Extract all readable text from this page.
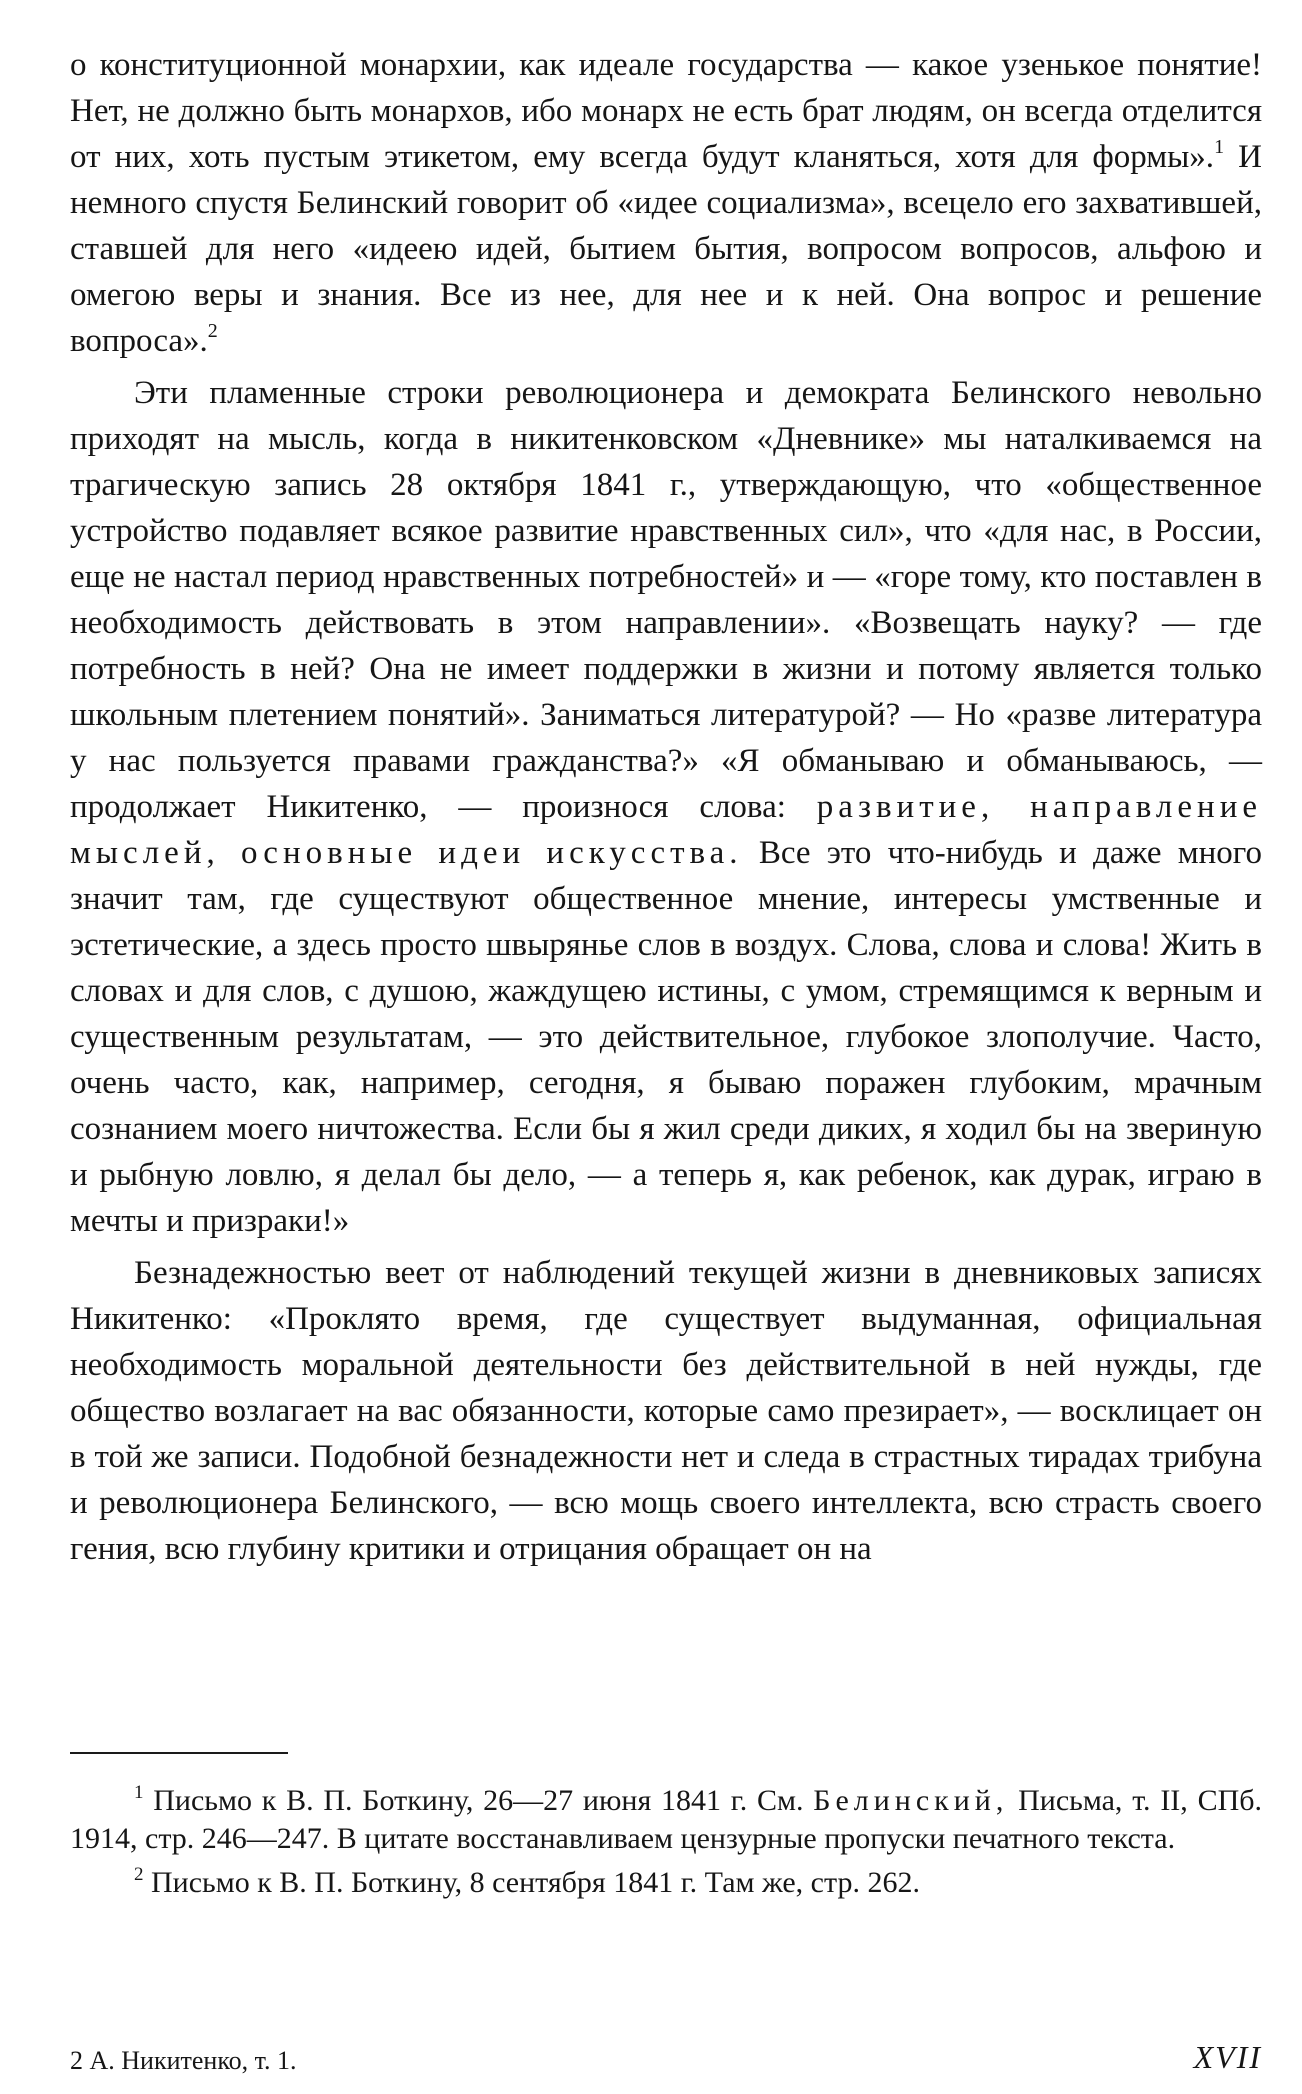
о конституционной монархии, как идеале государства — какое узенькое понятие! Нет, не должно быть монархов, ибо монарх не есть брат людям, он всегда отделится от них, хоть пустым этикетом, ему всегда будут кланяться, хотя для формы».$^1$ И немного спустя Белинский говорит об «идее социализма», всецело его захватившей, ставшей для него «идеею идей, бытием бытия, вопросом вопросов, альфою и омегою веры и знания. Все из нее, для нее и к ней. Она вопрос и решение вопроса».$^2$

Эти пламенные строки революционера и демократа Белинского невольно приходят на мысль, когда в никитенковском «Дневнике» мы наталкиваемся на трагическую запись 28 октября 1841 г., утверждающую, что «общественное устройство подавляет всякое развитие нравственных сил», что «для нас, в России, еще не настал период нравственных потребностей» и — «горе тому, кто поставлен в необходимость действовать в этом направлении». «Возвещать науку? — где потребность в ней? Она не имеет поддержки в жизни и потому является только школьным плетением понятий». Заниматься литературой? — Но «разве литература у нас пользуется правами гражданства?» «Я обманываю и обманываюсь, — продолжает Никитенко, — произнося слова: развитие, направление мыслей, основные идеи искусства. Все это что-нибудь и даже много значит там, где существуют общественное мнение, интересы умственные и эстетические, а здесь просто швырянье слов в воздух. Слова, слова и слова! Жить в словах и для слов, с душою, жаждущею истины, с умом, стремящимся к верным и существенным результатам, — это действительное, глубокое злополучие. Часто, очень часто, как, например, сегодня, я бываю поражен глубоким, мрачным сознанием моего ничтожества. Если бы я жил среди диких, я ходил бы на звериную и рыбную ловлю, я делал бы дело, — а теперь я, как ребенок, как дурак, играю в мечты и призраки!»

Безнадежностью веет от наблюдений текущей жизни в дневниковых записях Никитенко: «Проклято время, где существует выдуманная, официальная необходимость моральной деятельности без действительной в ней нужды, где общество возлагает на вас обязанности, которые само презирает», — восклицает он в той же записи. Подобной безнадежности нет и следа в страстных тирадах трибуна и революционера Белинского, — всю мощь своего интеллекта, всю страсть своего гения, всю глубину критики и отрицания обращает он на

$^1$ Письмо к В. П. Боткину, 26—27 июня 1841 г. См. Белинский, Письма, т. II, СПб. 1914, стр. 246—247. В цитате восстанавливаем цензурные пропуски печатного текста.

$^2$ Письмо к В. П. Боткину, 8 сентября 1841 г. Там же, стр. 262.

2 А. Никитенко, т. 1.	XVII
